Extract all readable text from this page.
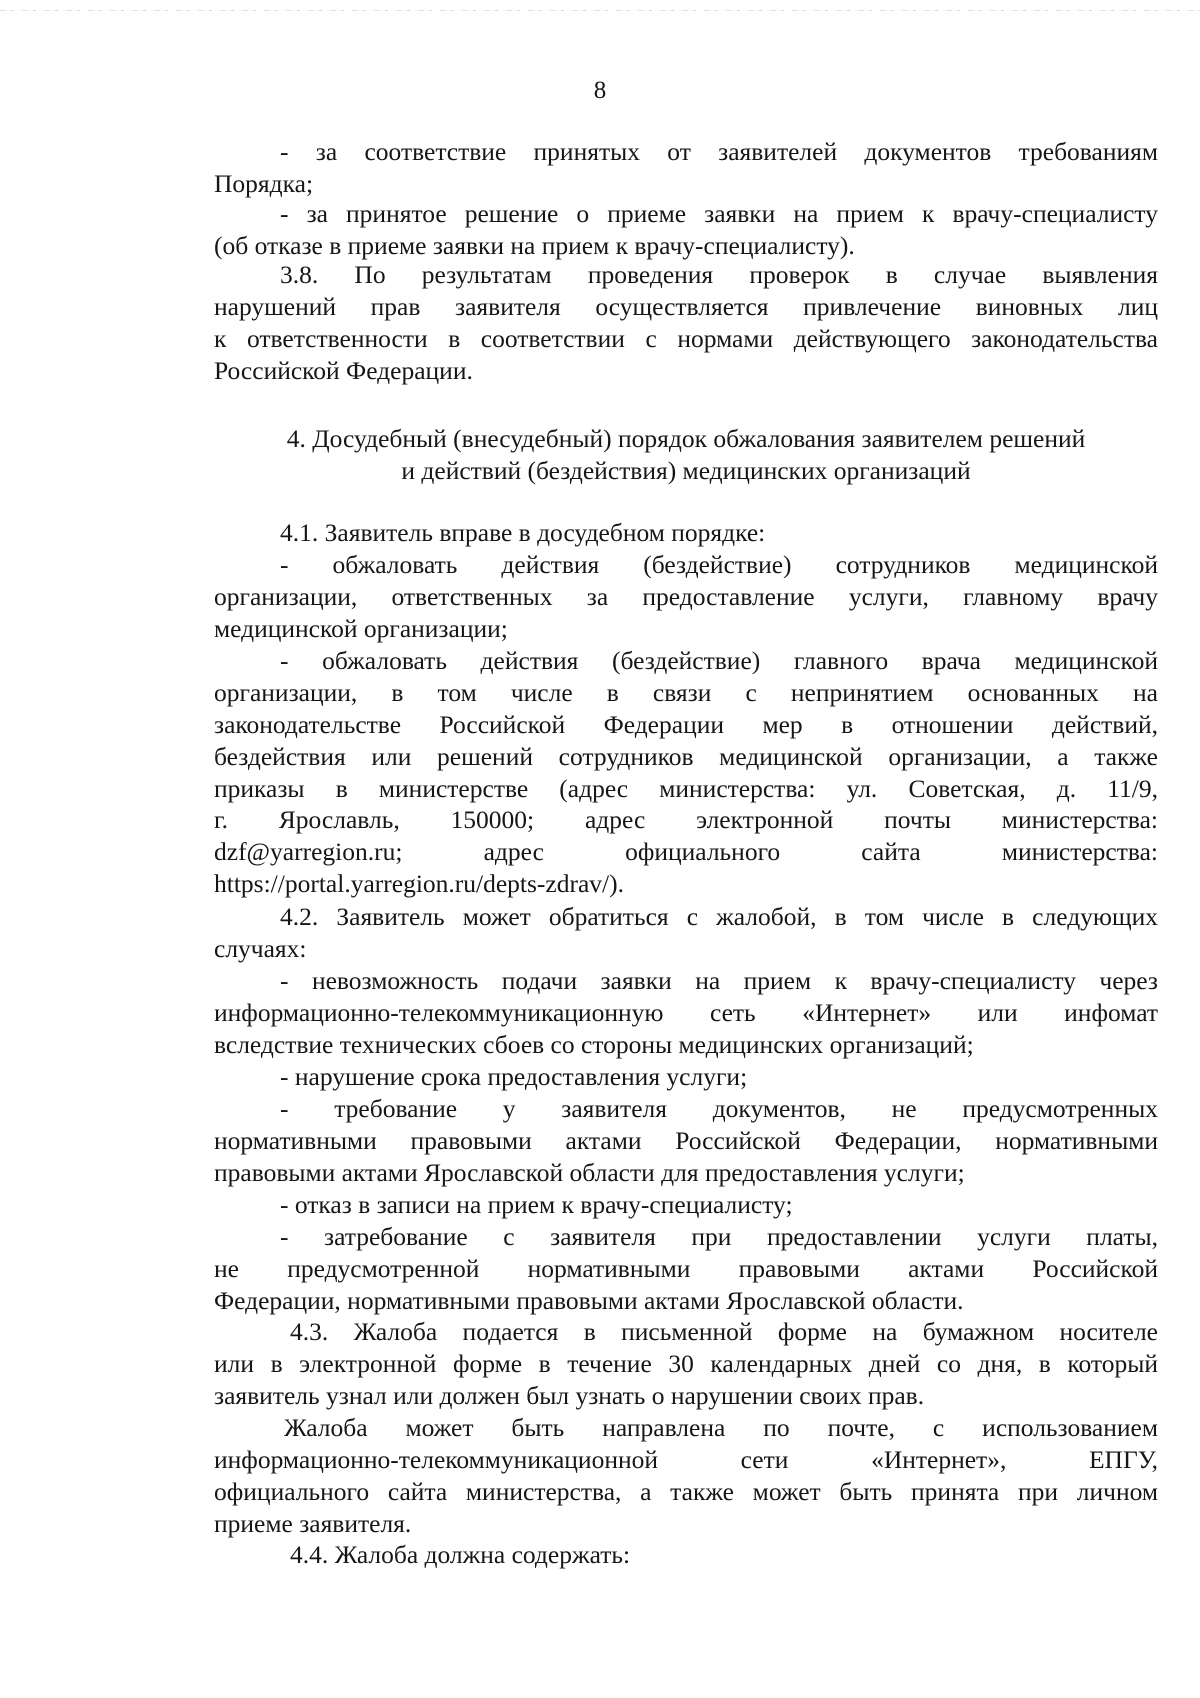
8
- за соответствие принятых от заявителей документов требованиям
Порядка;
- за принятое решение о приеме заявки на прием к врачу-специалисту
(об отказе в приеме заявки на прием к врачу-специалисту).
3.8. По результатам проведения проверок в случае выявления
нарушений прав заявителя осуществляется привлечение виновных лиц
к ответственности в соответствии с нормами действующего законодательства
Российской Федерации.
4. Досудебный (внесудебный) порядок обжалования заявителем решений
и действий (бездействия) медицинских организаций
4.1. Заявитель вправе в досудебном порядке:
- обжаловать действия (бездействие) сотрудников медицинской
организации, ответственных за предоставление услуги, главному врачу
медицинской организации;
- обжаловать действия (бездействие) главного врача медицинской
организации, в том числе в связи с непринятием основанных на
законодательстве Российской Федерации мер в отношении действий,
бездействия или решений сотрудников медицинской организации, а также
приказы в министерстве (адрес министерства: ул. Советская, д. 11/9,
г. Ярославль, 150000; адрес электронной почты министерства:
dzf@yarregion.ru; адрес официального сайта министерства:
https://portal.yarregion.ru/depts-zdrav/).
4.2. Заявитель может обратиться с жалобой, в том числе в следующих
случаях:
- невозможность подачи заявки на прием к врачу-специалисту через
информационно-телекоммуникационную сеть «Интернет» или инфомат
вследствие технических сбоев со стороны медицинских организаций;
- нарушение срока предоставления услуги;
- требование у заявителя документов, не предусмотренных
нормативными правовыми актами Российской Федерации, нормативными
правовыми актами Ярославской области для предоставления услуги;
- отказ в записи на прием к врачу-специалисту;
- затребование с заявителя при предоставлении услуги платы,
не предусмотренной нормативными правовыми актами Российской
Федерации, нормативными правовыми актами Ярославской области.
4.3. Жалоба подается в письменной форме на бумажном носителе
или в электронной форме в течение 30 календарных дней со дня, в который
заявитель узнал или должен был узнать о нарушении своих прав.
Жалоба может быть направлена по почте, с использованием
информационно-телекоммуникационной сети «Интернет», ЕПГУ,
официального сайта министерства, а также может быть принята при личном
приеме заявителя.
4.4. Жалоба должна содержать:
